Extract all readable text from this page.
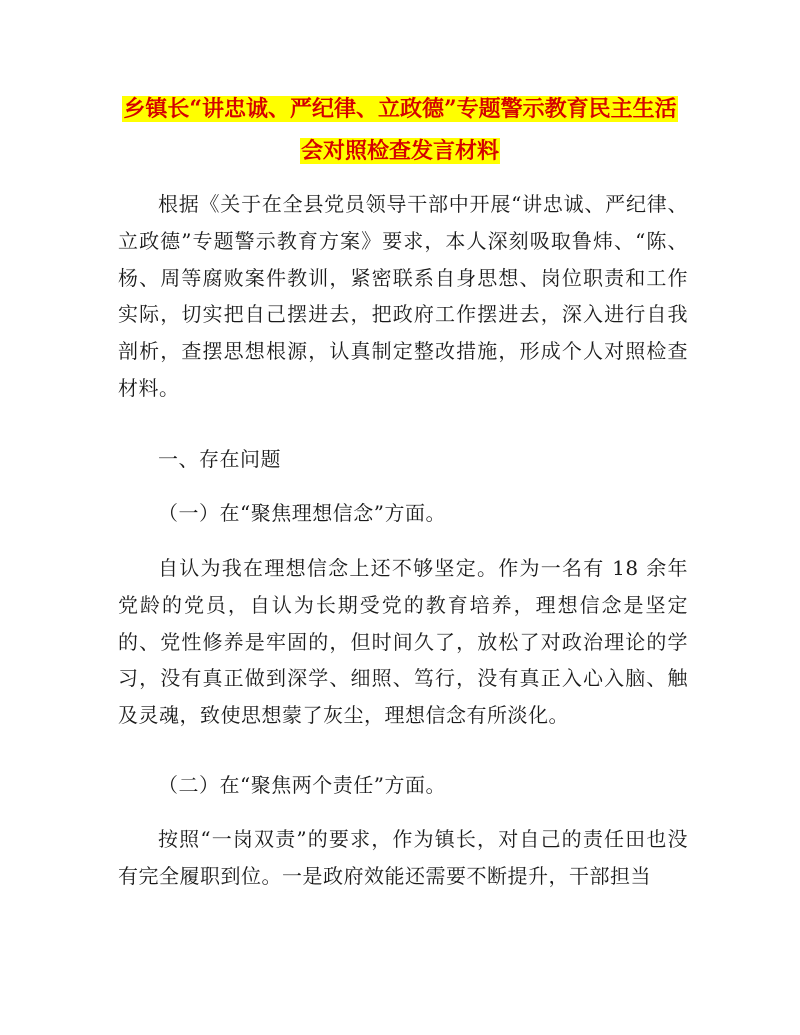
乡镇长“讲忠诚、严纪律、立政德”专题警示教育民主生活
会对照检查发言材料

根据《关于在全县党员领导干部中开展“讲忠诚、严纪律、立政德”专题警示教育方案》要求，本人深刻吸取鲁炜、“陈、杨、周等腐败案件教训，紧密联系自身思想、岗位职责和工作实际，切实把自己摆进去，把政府工作摆进去，深入进行自我剖析，查摆思想根源，认真制定整改措施，形成个人对照检查材料。

一、存在问题

（一）在“聚焦理想信念”方面。

自认为我在理想信念上还不够坚定。作为一名有 18 余年党龄的党员，自认为长期受党的教育培养，理想信念是坚定的、党性修养是牢固的，但时间久了，放松了对政治理论的学习，没有真正做到深学、细照、笃行，没有真正入心入脑、触及灵魂，致使思想蒙了灰尘，理想信念有所淡化。

（二）在“聚焦两个责任”方面。

按照“一岗双责”的要求，作为镇长，对自己的责任田也没有完全履职到位。一是政府效能还需要不断提升，干部担当
